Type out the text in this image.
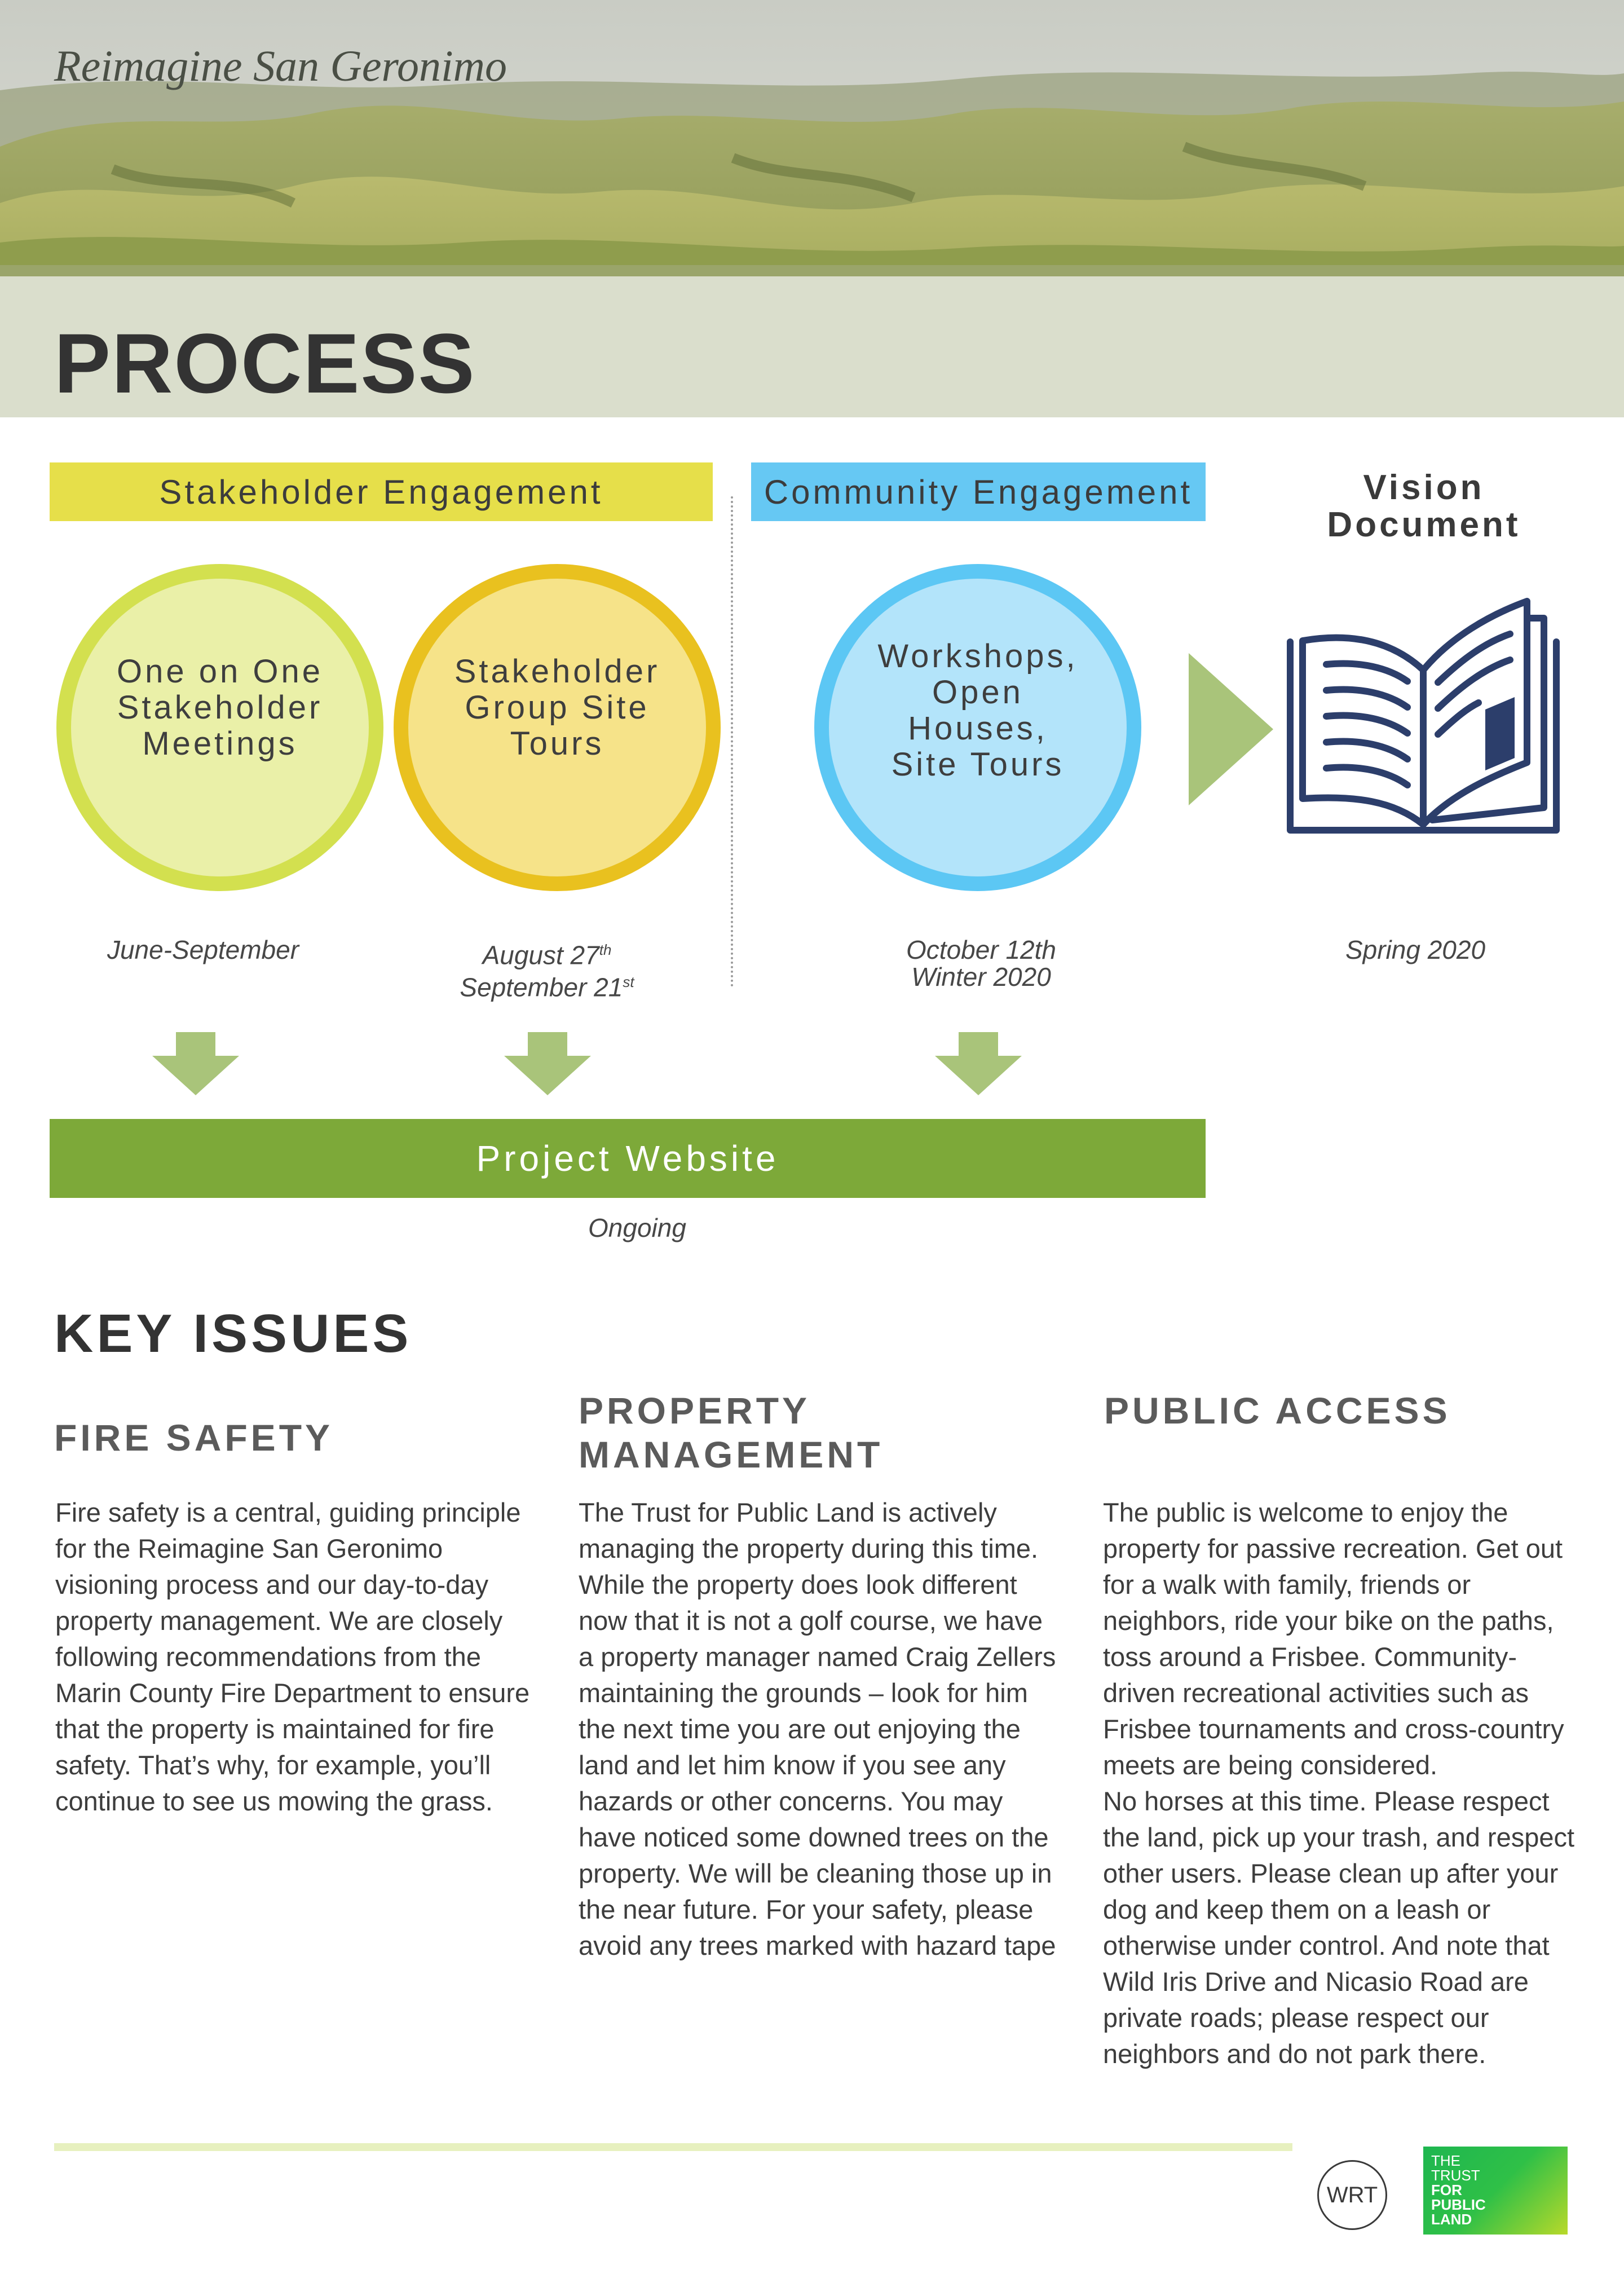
Reimagine San Geronimo
PROCESS
Stakeholder Engagement	Community Engagement	Vision Document
One on One Stakeholder Meetings
Stakeholder Group Site Tours
Workshops, Open Houses, Site Tours
June-September	August 27th
September 21st
October 12th
Winter 2020
Spring 2020
Project Website
Ongoing
KEY ISSUES
FIRE SAFETY
PROPERTY
MANAGEMENT
PUBLIC ACCESS
Fire safety is a central, guiding principle for the Reimagine San Geronimo visioning process and our day-to-day property management. We are closely following recommendations from the Marin County Fire Department to ensure that the property is maintained for fire safety. That’s why, for example, you’ll continue to see us mowing the grass.
The Trust for Public Land is actively managing the property during this time. While the property does look different now that it is not a golf course, we have a property manager named Craig Zellers maintaining the grounds – look for him the next time you are out enjoying the land and let him know if you see any hazards or other concerns. You may have noticed some downed trees on the property. We will be cleaning those up in the near future. For your safety, please avoid any trees marked with hazard tape
The public is welcome to enjoy the property for passive recreation. Get out for a walk with family, friends or neighbors, ride your bike on the paths, toss around a Frisbee. Community-driven recreational activities such as Frisbee tournaments and cross-country meets are being considered.
No horses at this time. Please respect the land, pick up your trash, and respect other users. Please clean up after your dog and keep them on a leash or otherwise under control. And note that Wild Iris Drive and Nicasio Road are private roads; please respect our neighbors and do not park there.
WRT
THE
TRUST
FOR
PUBLIC
LAND
